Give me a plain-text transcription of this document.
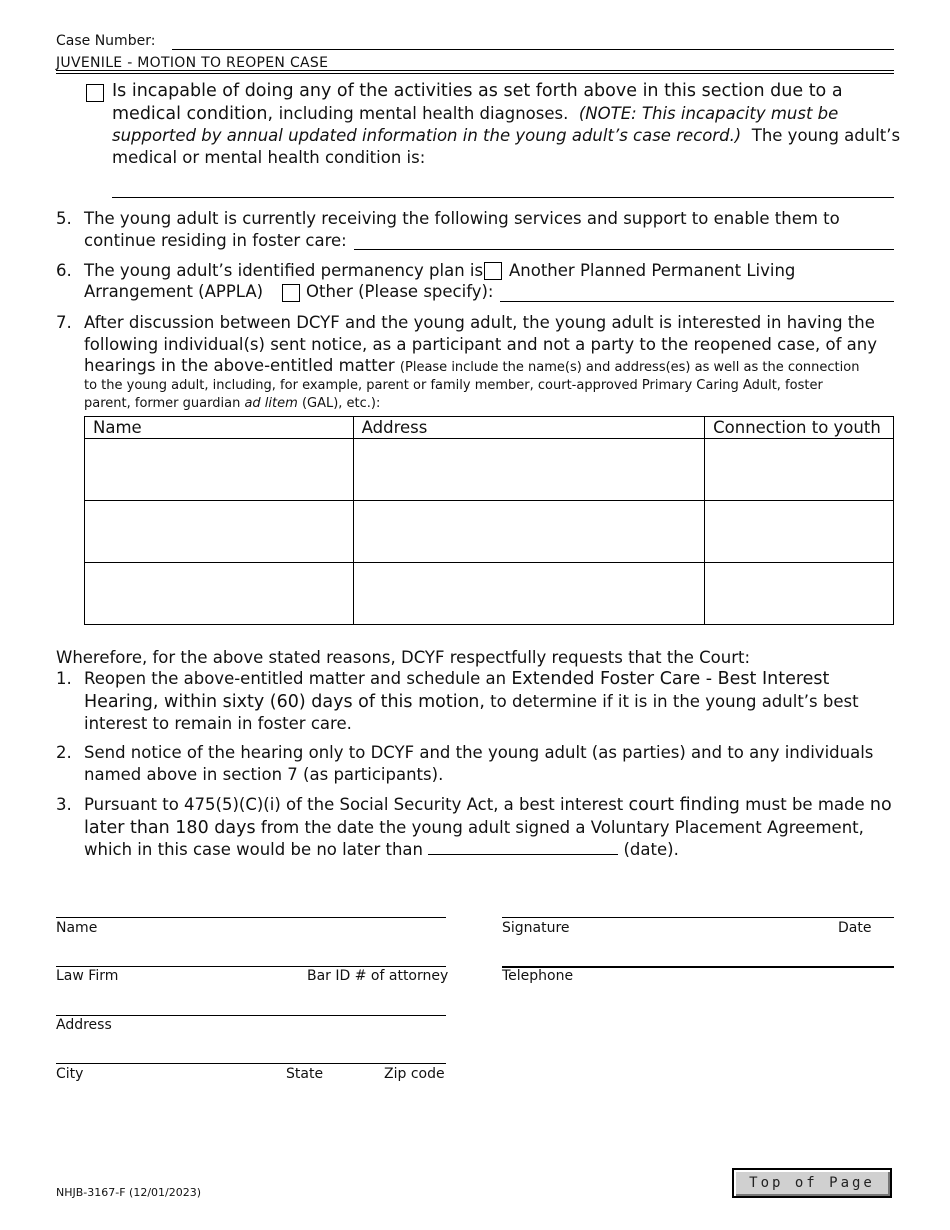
Case Number:
JUVENILE - MOTION TO REOPEN CASE
Is incapable of doing any of the activities as set forth above in this section due to a
medical condition, including mental health diagnoses. (NOTE: This incapacity must be
supported by annual updated information in the young adult’s case record.) The young adult’s
medical or mental health condition is:
5. The young adult is currently receiving the following services and support to enable them to
continue residing in foster care:
6. The young adult’s identified permanency plan is Another Planned Permanent Living
Arrangement (APPLA)	Other (Please specify):
7. After discussion between DCYF and the young adult, the young adult is interested in having the
following individual(s) sent notice, as a participant and not a party to the reopened case, of any
hearings in the above-entitled matter (Please include the name(s) and address(es) as well as the connection
to the young adult, including, for example, parent or family member, court-approved Primary Caring Adult, foster
parent, former guardian ad litem (GAL), etc.):
Name	Address	Connection to youth

Wherefore, for the above stated reasons, DCYF respectfully requests that the Court:
1. Reopen the above-entitled matter and schedule an Extended Foster Care - Best Interest
Hearing, within sixty (60) days of this motion, to determine if it is in the young adult’s best
interest to remain in foster care.
2. Send notice of the hearing only to DCYF and the young adult (as parties) and to any individuals
named above in section 7 (as participants).
3. Pursuant to 475(5)(C)(i) of the Social Security Act, a best interest court finding must be made no
later than 180 days from the date the young adult signed a Voluntary Placement Agreement,
which in this case would be no later than	(date).
Name
Law Firm	Bar ID # of attorney
Address
City	State	Zip code
Signature	Date
Telephone
NHJB-3167-F (12/01/2023)
Top of Page
